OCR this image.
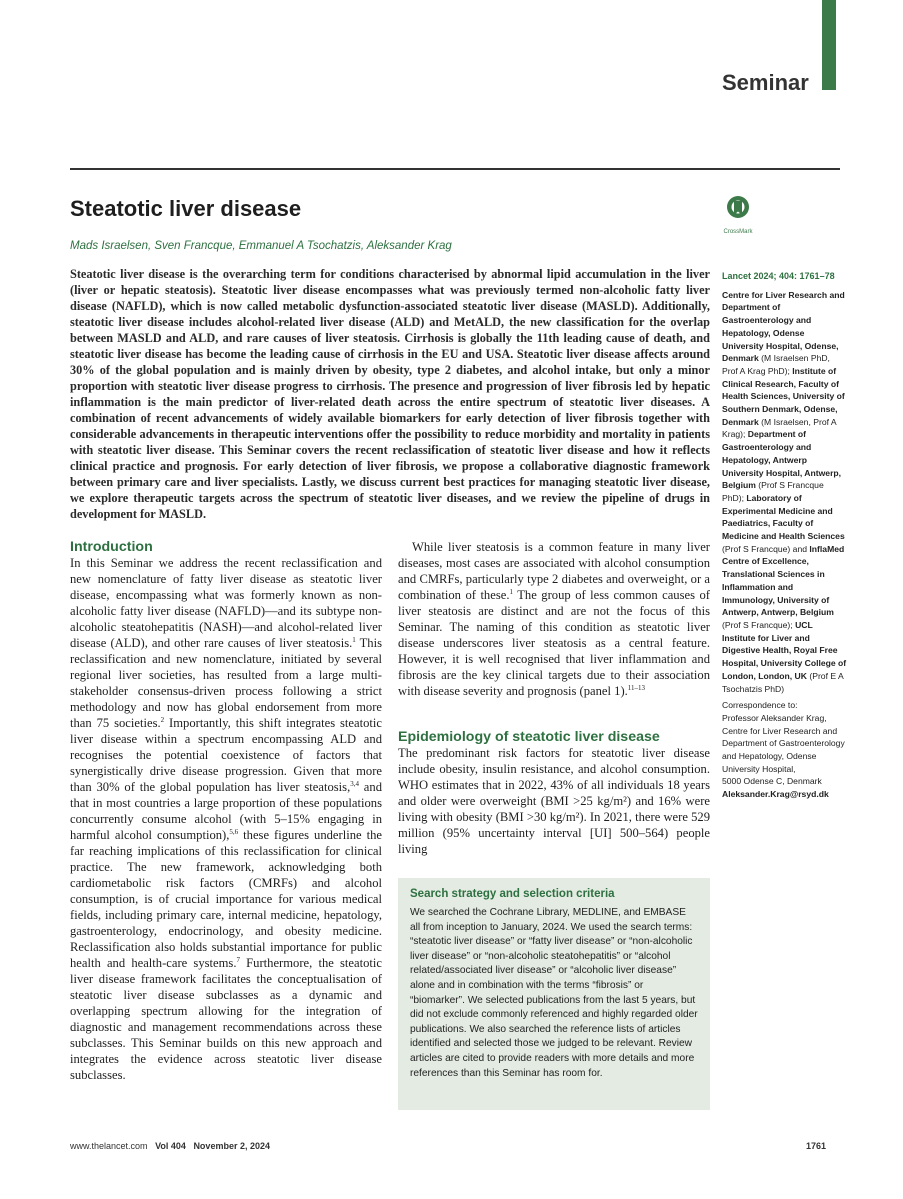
Seminar
Steatotic liver disease
Mads Israelsen, Sven Francque, Emmanuel A Tsochatzis, Aleksander Krag
CrossMark

Steatotic liver disease is the overarching term for conditions characterised by abnormal lipid accumulation in the liver (liver or hepatic steatosis). Steatotic liver disease encompasses what was previously termed non-alcoholic fatty liver disease (NAFLD), which is now called metabolic dysfunction-associated steatotic liver disease (MASLD). Additionally, steatotic liver disease includes alcohol-related liver disease (ALD) and MetALD, the new classification for the overlap between MASLD and ALD, and rare causes of liver steatosis. Cirrhosis is globally the 11th leading cause of death, and steatotic liver disease has become the leading cause of cirrhosis in the EU and USA. Steatotic liver disease affects around 30% of the global population and is mainly driven by obesity, type 2 diabetes, and alcohol intake, but only a minor proportion with steatotic liver disease progress to cirrhosis. The presence and progression of liver fibrosis led by hepatic inflammation is the main predictor of liver-related death across the entire spectrum of steatotic liver diseases. A combination of recent advancements of widely available biomarkers for early detection of liver fibrosis together with considerable advancements in therapeutic interventions offer the possibility to reduce morbidity and mortality in patients with steatotic liver disease. This Seminar covers the recent reclassification of steatotic liver disease and how it reflects clinical practice and prognosis. For early detection of liver fibrosis, we propose a collaborative diagnostic framework between primary care and liver specialists. Lastly, we discuss current best practices for managing steatotic liver disease, we explore therapeutic targets across the spectrum of steatotic liver diseases, and we review the pipeline of drugs in development for MASLD.

Introduction

In this Seminar we address the recent reclassification and new nomenclature of fatty liver disease as steatotic liver disease, encompassing what was formerly known as non-alcoholic fatty liver disease (NAFLD)—and its subtype non-alcoholic steatohepatitis (NASH)—and alcohol-related liver disease (ALD), and other rare causes of liver steatosis.$^1$ This reclassification and new nomenclature, initiated by several regional liver societies, has resulted from a large multi-stakeholder consensus-driven process following a strict methodology and now has global endorsement from more than 75 societies.$^2$ Importantly, this shift integrates steatotic liver disease within a spectrum encompassing ALD and recognises the potential coexistence of factors that synergistically drive disease progression. Given that more than 30% of the global population has liver steatosis,$^{3,4}$ and that in most countries a large proportion of these populations concurrently consume alcohol (with 5–15% engaging in harmful alcohol consumption),$^{5,6}$ these figures underline the far reaching implications of this reclassification for clinical practice. The new framework, acknowledging both cardiometabolic risk factors (CMRFs) and alcohol consumption, is of crucial importance for various medical fields, including primary care, internal medicine, hepatology, gastroenterology, endocrinology, and obesity medicine. Reclassification also holds substantial importance for public health and health-care systems.$^7$ Furthermore, the steatotic liver disease framework facilitates the conceptualisation of steatotic liver disease subclasses as a dynamic and overlapping spectrum allowing for the integration of diagnostic and management recommendations across these subclasses. This Seminar builds on this new approach and integrates the evidence across steatotic liver disease subclasses.

While liver steatosis is a common feature in many liver diseases, most cases are associated with alcohol consumption and CMRFs, particularly type 2 diabetes and overweight, or a combination of these.$^1$ The group of less common causes of liver steatosis are distinct and are not the focus of this Seminar. The naming of this condition as steatotic liver disease underscores liver steatosis as a central feature. However, it is well recognised that liver inflammation and fibrosis are the key clinical targets due to their association with disease severity and prognosis (panel 1).$^{11-13}$

Epidemiology of steatotic liver disease

The predominant risk factors for steatotic liver disease include obesity, insulin resistance, and alcohol consumption. WHO estimates that in 2022, 43% of all individuals 18 years and older were overweight (BMI >25 kg/m²) and 16% were living with obesity (BMI >30 kg/m²). In 2021, there were 529 million (95% uncertainty interval [UI] 500–564) people living

Search strategy and selection criteria

We searched the Cochrane Library, MEDLINE, and EMBASE all from inception to January, 2024. We used the search terms: “steatotic liver disease” or “fatty liver disease” or “non-alcoholic liver disease” or “non-alcoholic steatohepatitis” or “alcohol related/associated liver disease” or “alcoholic liver disease” alone and in combination with the terms “fibrosis” or “biomarker”. We selected publications from the last 5 years, but did not exclude commonly referenced and highly regarded older publications. We also searched the reference lists of articles identified and selected those we judged to be relevant. Review articles are cited to provide readers with more details and more references than this Seminar has room for.

Lancet 2024; 404: 1761–78

Centre for Liver Research and Department of Gastroenterology and Hepatology, Odense University Hospital, Odense, Denmark (M Israelsen PhD, Prof A Krag PhD); Institute of Clinical Research, Faculty of Health Sciences, University of Southern Denmark, Odense, Denmark (M Israelsen, Prof A Krag); Department of Gastroenterology and Hepatology, Antwerp University Hospital, Antwerp, Belgium (Prof S Francque PhD); Laboratory of Experimental Medicine and Paediatrics, Faculty of Medicine and Health Sciences (Prof S Francque) and InflaMed Centre of Excellence, Translational Sciences in Inflammation and Immunology, University of Antwerp, Antwerp, Belgium (Prof S Francque); UCL Institute for Liver and Digestive Health, Royal Free Hospital, University College of London, London, UK (Prof E A Tsochatzis PhD)

Correspondence to:
Professor Aleksander Krag,
Centre for Liver Research and
Department of Gastroenterology
and Hepatology, Odense
University Hospital,
5000 Odense C, Denmark
Aleksander.Krag@rsyd.dk

www.thelancet.com Vol 404 November 2, 2024	1761
